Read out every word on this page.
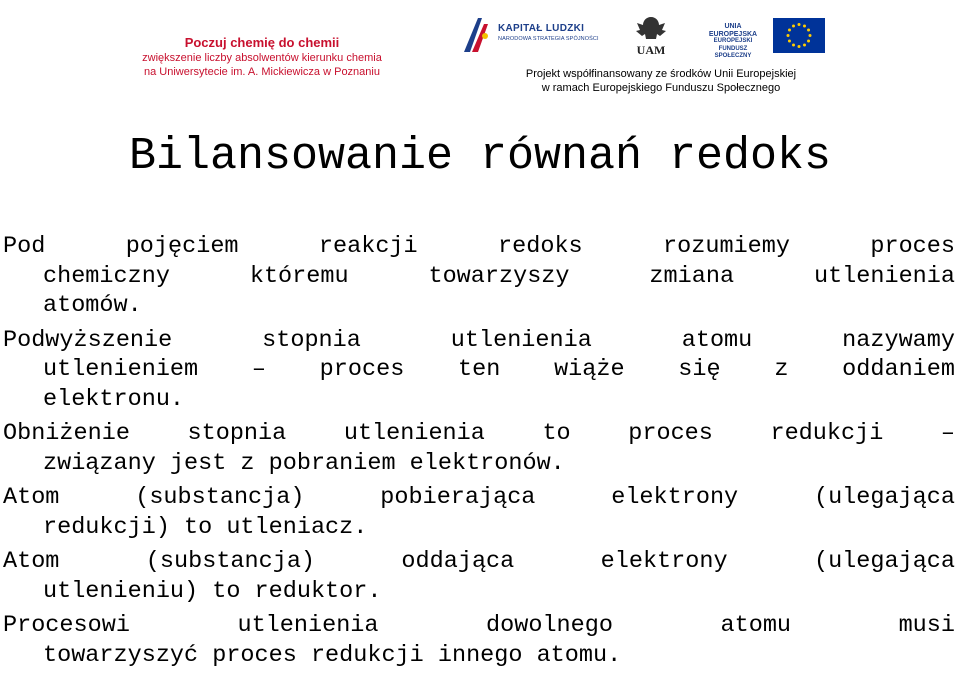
Poczuj chemię do chemii
zwiększenie liczby absolwentów kierunku chemia
na Uniwersytecie im. A. Mickiewicza w Poznaniu
KAPITAŁ LUDZKI
NARODOWA STRATEGIA SPÓJNOŚCI
UAM
UNIA EUROPEJSKA
EUROPEJSKI
FUNDUSZ SPOŁECZNY
Projekt współfinansowany ze środków Unii Europejskiej
w ramach Europejskiego Funduszu Społecznego
Bilansowanie równań redoks
Pod pojęciem reakcji redoks rozumiemy proces
chemiczny któremu towarzyszy zmiana utlenienia
atomów.
Podwyższenie stopnia utlenienia atomu nazywamy
utlenieniem – proces ten wiąże się z oddaniem
elektronu.
Obniżenie stopnia utlenienia to proces redukcji –
związany jest z pobraniem elektronów.
Atom (substancja) pobierająca elektrony (ulegająca
redukcji) to utleniacz.
Atom (substancja) oddająca elektrony (ulegająca
utlenieniu) to reduktor.
Procesowi utlenienia dowolnego atomu musi
towarzyszyć proces redukcji innego atomu.
